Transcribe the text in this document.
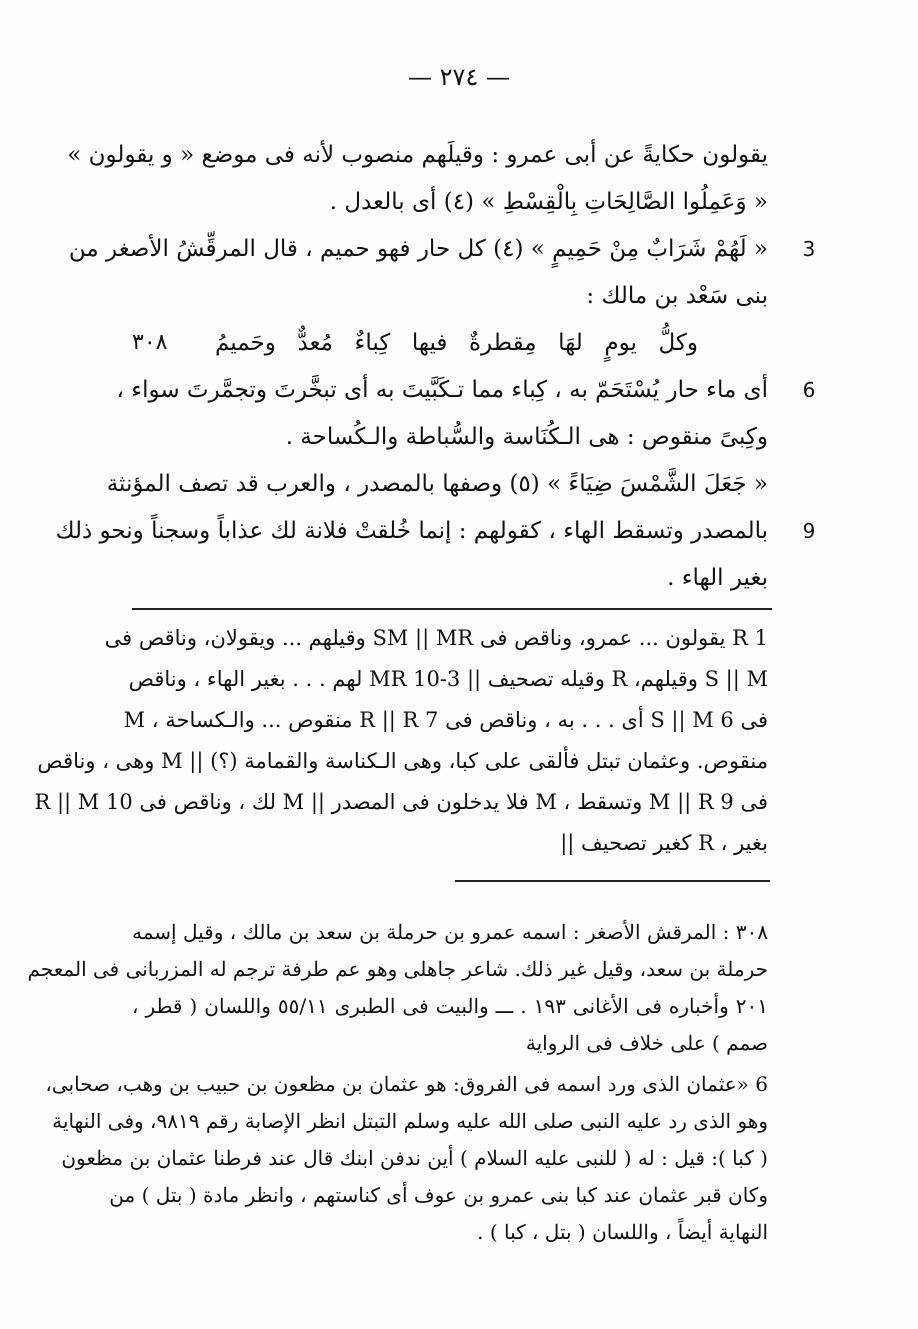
— ٢٧٤ —
يقولون حكايةً عن أبى عمرو : وقيلَهم منصوب لأنه فى موضع « و يقولون »
« وَعَمِلُوا الصَّالِحَاتِ بِالْقِسْطِ » (٤) أى بالعدل .
3
« لَهُمْ شَرَابٌ مِنْ حَمِيمٍ » (٤) كل حار فهو حميم ، قال المرقِّشُ الأصغر من
بنى سَعْد بن مالك :
٣٠٨ وكلُّ يومٍ لهَا مِقطرةٌ فيها كِباءٌ مُعدٌّ وحَميمُ
6
أى ماء حار يُسْتَحَمّ به ، كِباء مما تـكَبَّيتَ به أى تبخَّرتَ وتجمَّرتَ سواء ،
وكِبىً منقوص : هى الـكُنَاسة والسُّباطة والـكُساحة .
« جَعَلَ الشَّمْسَ ضِيَاءً » (٥) وصفها بالمصدر ، والعرب قد تصف المؤنثة
9
بالمصدر وتسقط الهاء ، كقولهم : إنما خُلقتْ فلانة لك عذاباً وسجناً ونحو ذلك
بغير الهاء .
R 1 يقولون ... عمرو، وناقص فى SM || MR وقيلهم ... ويقولان، وناقص فى
S || M وقيلهم، R وقيله تصحيف || MR 10-3 لهم . . . بغير الهاء ، وناقص
فى S || M 6 أى . . . به ، وناقص فى R || R 7 منقوص ... والـكساحة ، M
منقوص. وعثمان تبتل فألقى على كبا، وهى الـكناسة والقمامة (؟) || M وهى ، وناقص
فى M || R 9 وتسقط ، M فلا يدخلون فى المصدر || M لك ، وناقص فى R || M 10
بغير ، R كغير تصحيف ||
٣٠٨ : المرقش الأصغر : اسمه عمرو بن حرملة بن سعد بن مالك ، وقيل إسمه
حرملة بن سعد، وقيل غير ذلك. شاعر جاهلى وهو عم طرفة ترجم له المزربانى فى المعجم
٢٠١ وأخباره فى الأغانى ١٩٣ . ـــ والبيت فى الطبرى ٥٥/١١ واللسان ( قطر ،
صمم ) على خلاف فى الرواية
6 «عثمان الذى ورد اسمه فى الفروق: هو عثمان بن مظعون بن حبيب بن وهب، صحابى،
وهو الذى رد عليه النبى صلى الله عليه وسلم التبتل انظر الإصابة رقم ٩٨١٩، وفى النهاية
( كبا ): قيل : له ( للنبى عليه السلام ) أين ندفن ابنك قال عند فرطنا عثمان بن مظعون
وكان قبر عثمان عند كبا بنى عمرو بن عوف أى كناستهم ، وانظر مادة ( بتل ) من
النهاية أيضاً ، واللسان ( بتل ، كبا ) .
